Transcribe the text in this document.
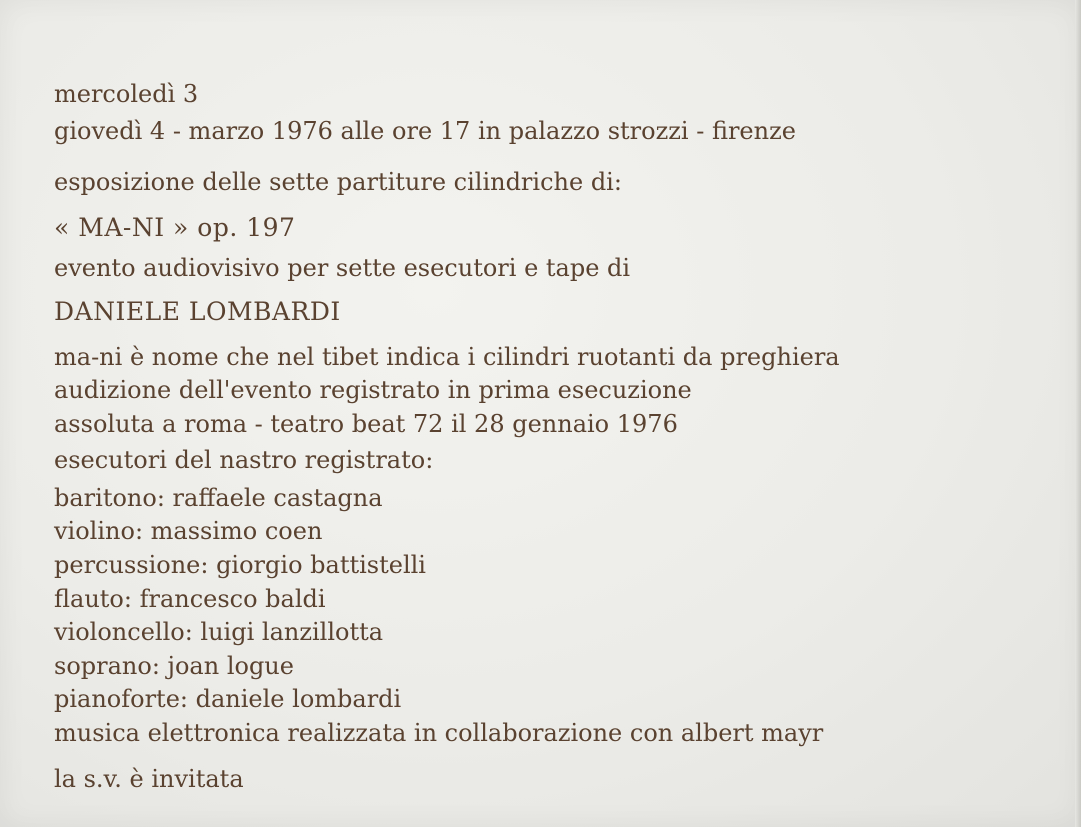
mercoledì 3

giovedì 4 - marzo 1976 alle ore 17 in palazzo strozzi - firenze

esposizione delle sette partiture cilindriche di:

« MA-NI » op. 197

evento audiovisivo per sette esecutori e tape di

DANIELE LOMBARDI

ma-ni è nome che nel tibet indica i cilindri ruotanti da preghiera

audizione dell'evento registrato in prima esecuzione

assoluta a roma - teatro beat 72 il 28 gennaio 1976

esecutori del nastro registrato:

baritono: raffaele castagna

violino: massimo coen

percussione: giorgio battistelli

flauto: francesco baldi

violoncello: luigi lanzillotta

soprano: joan logue

pianoforte: daniele lombardi

musica elettronica realizzata in collaborazione con albert mayr

la s.v. è invitata
